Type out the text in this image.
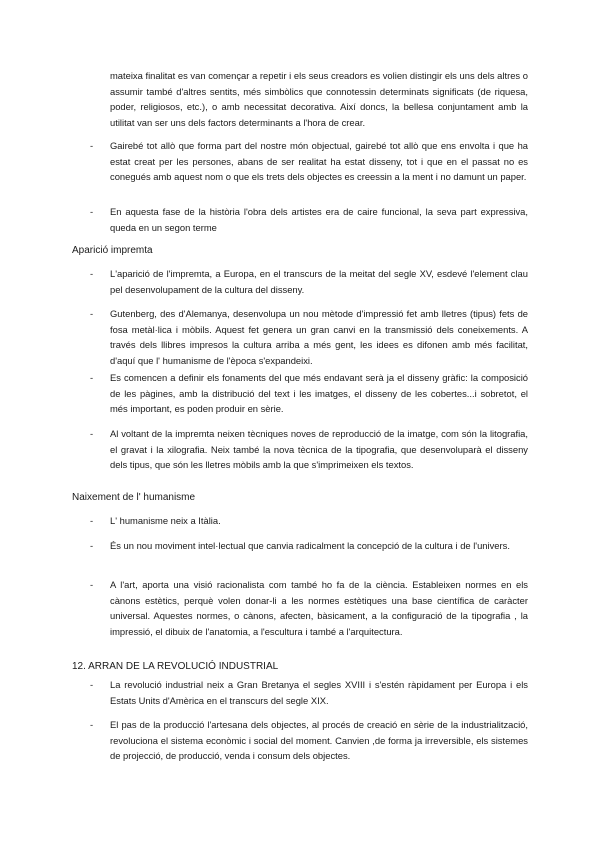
mateixa finalitat es van començar a repetir i els seus creadors es volien distingir els uns dels altres o assumir també d'altres sentits, més simbòlics que connotessin determinats significats (de riquesa, poder, religiosos, etc.), o amb necessitat decorativa. Així doncs, la bellesa conjuntament amb la utilitat van ser uns dels factors determinants a l'hora de crear.

- Gairebé tot allò que forma part del nostre món objectual, gairebé tot allò que ens envolta i que ha estat creat per les persones, abans de ser realitat ha estat disseny, tot i que en el passat no es conegués amb aquest nom o que els trets dels objectes es creessin a la ment i no damunt un paper.

- En aquesta fase de la història l'obra dels artistes era de caire funcional, la seva part expressiva, queda en un segon terme

Aparició impremta

- L'aparició de l'impremta, a Europa, en el transcurs de la meitat del segle XV, esdevé l'element clau pel desenvolupament de la cultura del disseny.

- Gutenberg, des d'Alemanya, desenvolupa un nou mètode d'impressió fet amb lletres (tipus) fets de fosa metàl·lica i mòbils. Aquest fet genera un gran canvi en la transmissió dels coneixements. A través dels llibres impresos la cultura arriba a més gent, les idees es difonen amb més facilitat, d'aquí que l' humanisme de l'època s'expandeixi.

- Es comencen a definir els fonaments del que més endavant serà ja el disseny gràfic: la composició de les pàgines, amb la distribució del text i les imatges, el disseny de les cobertes...i sobretot, el més important, es poden produir en sèrie.

- Al voltant de la impremta neixen tècniques noves de reproducció de la imatge, com són la litografia, el gravat i la xilografia. Neix també la nova tècnica de la tipografia, que desenvoluparà el disseny dels tipus, que són les lletres mòbils amb la que s'imprimeixen els textos.

Naixement de l' humanisme

- L' humanisme neix a Itàlia.

- És un nou moviment intel·lectual que canvia radicalment la concepció de la cultura i de l'univers.

- A l'art, aporta una visió racionalista com també ho fa de la ciència. Estableixen normes en els cànons estètics, perquè volen donar-li a les normes estètiques una base científica de caràcter universal. Aquestes normes, o cànons, afecten, bàsicament, a la configuració de la tipografia , la impressió, el dibuix de l'anatomia, a l'escultura i també a l'arquitectura.

12. ARRAN DE LA REVOLUCIÓ INDUSTRIAL

- La revolució industrial neix a Gran Bretanya el segles XVIII i s'estén ràpidament per Europa i els Estats Units d'Amèrica en el transcurs del segle XIX.

- El pas de la producció l'artesana dels objectes, al procés de creació en sèrie de la industrialització, revoluciona el sistema econòmic i social del moment. Canvien ,de forma ja irreversible, els sistemes de projecció, de producció, venda i consum dels objectes.
